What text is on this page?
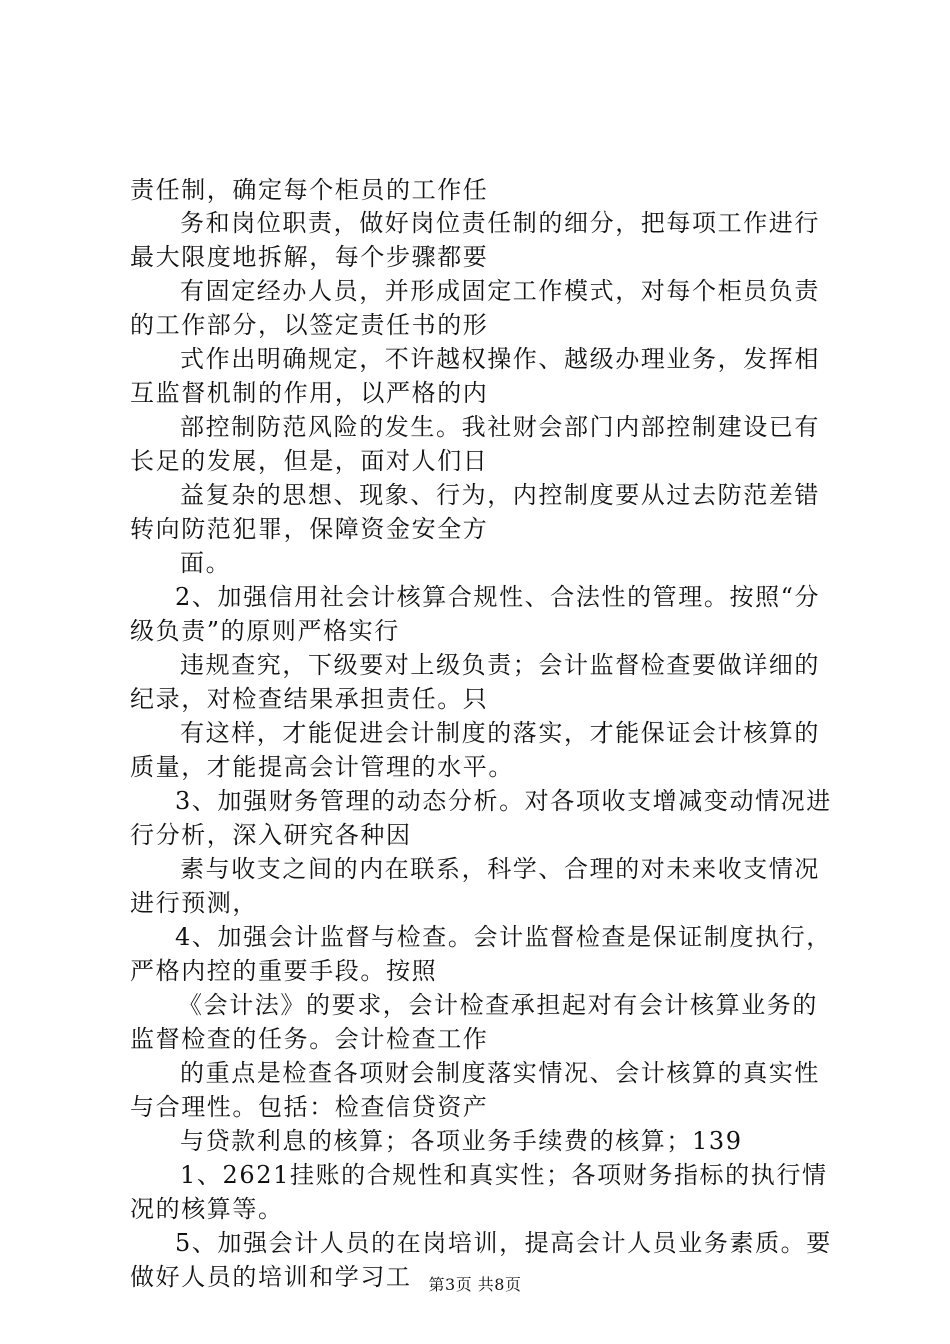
责任制，确定每个柜员的工作任
务和岗位职责，做好岗位责任制的细分，把每项工作进行
最大限度地拆解，每个步骤都要
有固定经办人员，并形成固定工作模式，对每个柜员负责
的工作部分，以签定责任书的形
式作出明确规定，不许越权操作、越级办理业务，发挥相
互监督机制的作用，以严格的内
部控制防范风险的发生。我社财会部门内部控制建设已有
长足的发展，但是，面对人们日
益复杂的思想、现象、行为，内控制度要从过去防范差错
转向防范犯罪，保障资金安全方
面。
2、加强信用社会计核算合规性、合法性的管理。按照“分
级负责”的原则严格实行
违规查究，下级要对上级负责；会计监督检查要做详细的
纪录，对检查结果承担责任。只
有这样，才能促进会计制度的落实，才能保证会计核算的
质量，才能提高会计管理的水平。
3、加强财务管理的动态分析。对各项收支增减变动情况进
行分析，深入研究各种因
素与收支之间的内在联系，科学、合理的对未来收支情况
进行预测，
4、加强会计监督与检查。会计监督检查是保证制度执行，
严格内控的重要手段。按照
《会计法》的要求，会计检查承担起对有会计核算业务的
监督检查的任务。会计检查工作
的重点是检查各项财会制度落实情况、会计核算的真实性
与合理性。包括：检查信贷资产
与贷款利息的核算；各项业务手续费的核算；139
1、2621挂账的合规性和真实性；各项财务指标的执行情
况的核算等。
5、加强会计人员的在岗培训，提高会计人员业务素质。要
做好人员的培训和学习工	第3页 共8页
